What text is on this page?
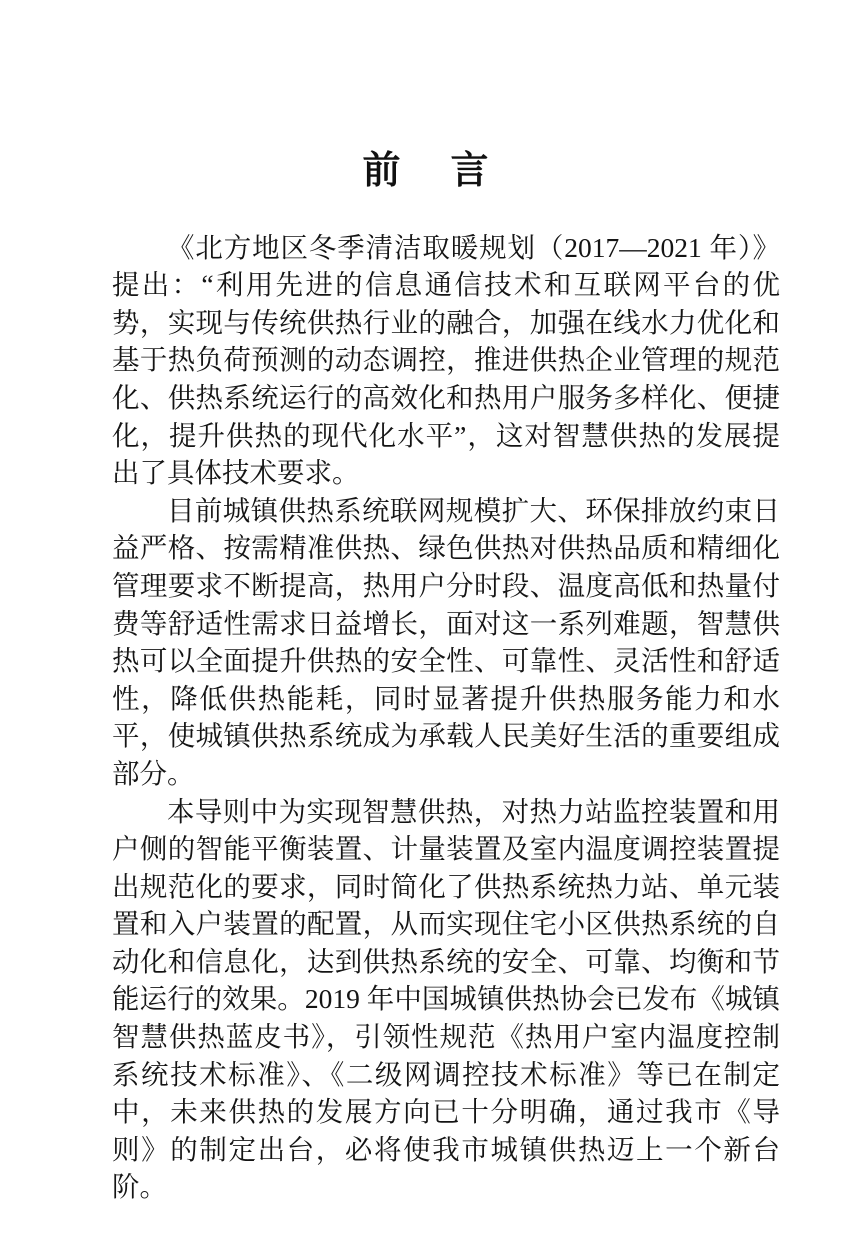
前　言

《北方地区冬季清洁取暖规划（2017—2021 年）》提出：“利用先进的信息通信技术和互联网平台的优势，实现与传统供热行业的融合，加强在线水力优化和基于热负荷预测的动态调控，推进供热企业管理的规范化、供热系统运行的高效化和热用户服务多样化、便捷化，提升供热的现代化水平”，这对智慧供热的发展提出了具体技术要求。

目前城镇供热系统联网规模扩大、环保排放约束日益严格、按需精准供热、绿色供热对供热品质和精细化管理要求不断提高，热用户分时段、温度高低和热量付费等舒适性需求日益增长，面对这一系列难题，智慧供热可以全面提升供热的安全性、可靠性、灵活性和舒适性，降低供热能耗，同时显著提升供热服务能力和水平，使城镇供热系统成为承载人民美好生活的重要组成部分。

本导则中为实现智慧供热，对热力站监控装置和用户侧的智能平衡装置、计量装置及室内温度调控装置提出规范化的要求，同时简化了供热系统热力站、单元装置和入户装置的配置，从而实现住宅小区供热系统的自动化和信息化，达到供热系统的安全、可靠、均衡和节能运行的效果。2019 年中国城镇供热协会已发布《城镇智慧供热蓝皮书》，引领性规范《热用户室内温度控制系统技术标准》、《二级网调控技术标准》等已在制定中，未来供热的发展方向已十分明确，通过我市《导则》的制定出台，必将使我市城镇供热迈上一个新台阶。
